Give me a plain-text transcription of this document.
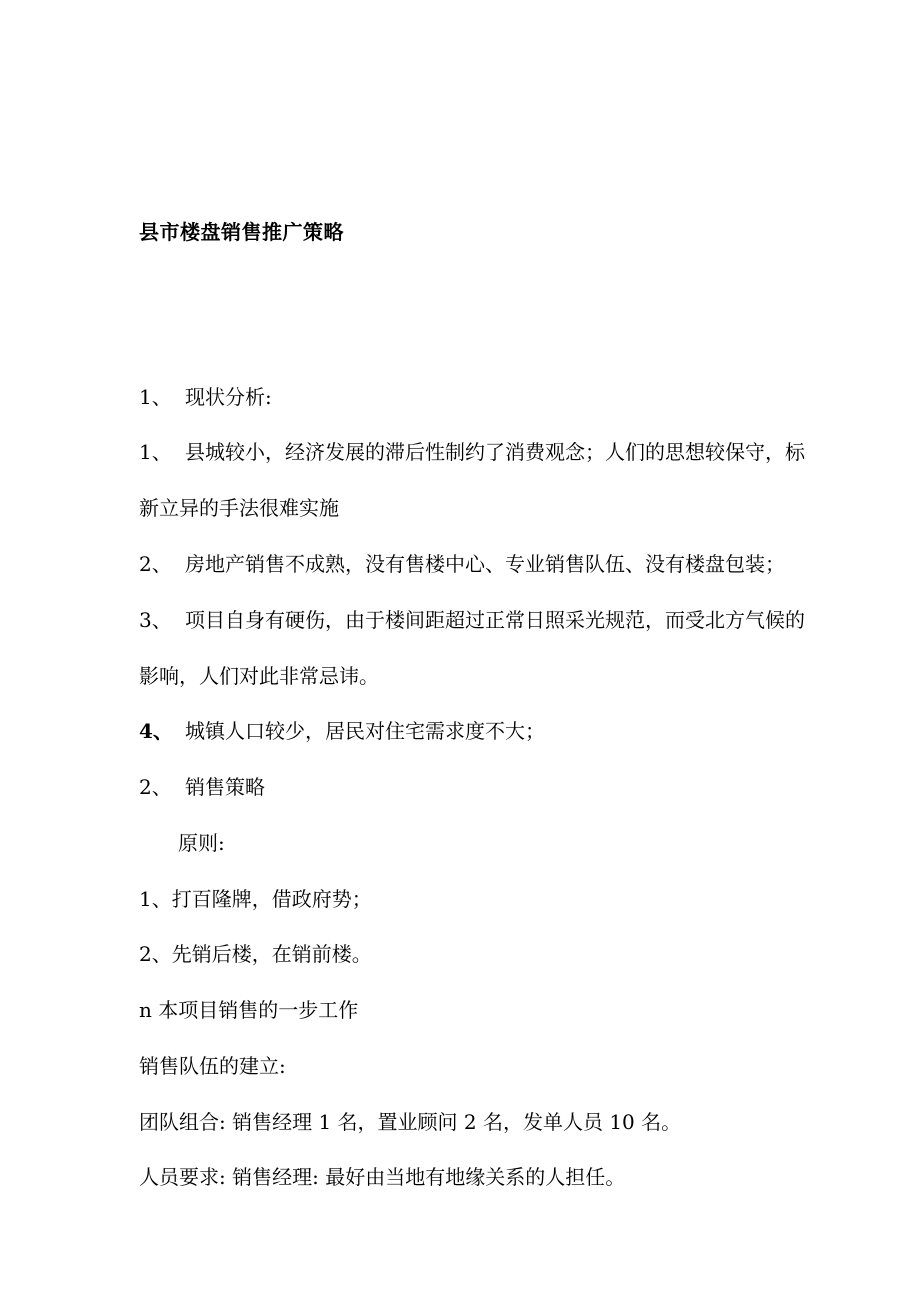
县市楼盘销售推广策略
1、 现状分析:
1、 县城较小，经济发展的滞后性制约了消费观念；人们的思想较保守，标
新立异的手法很难实施
2、 房地产销售不成熟，没有售楼中心、专业销售队伍、没有楼盘包装；
3、 项目自身有硬伤，由于楼间距超过正常日照采光规范，而受北方气候的
影响，人们对此非常忌讳。
4、 城镇人口较少，居民对住宅需求度不大；
2、 销售策略
原则:
1、打百隆牌，借政府势；
2、先销后楼，在销前楼。
n 本项目销售的一步工作
销售队伍的建立:
团队组合: 销售经理 1 名，置业顾问 2 名，发单人员 10 名。
人员要求: 销售经理: 最好由当地有地缘关系的人担任。
